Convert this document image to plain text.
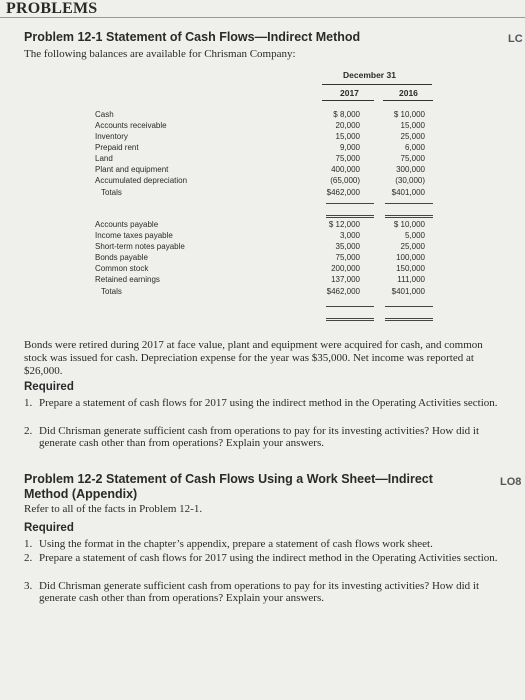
PROBLEMS
LC
Problem 12-1 Statement of Cash Flows—Indirect Method
The following balances are available for Chrisman Company:
December 31
2017	2016
Cash	$ 8,000	$ 10,000
Accounts receivable	20,000	15,000
Inventory	15,000	25,000
Prepaid rent	9,000	6,000
Land	75,000	75,000
Plant and equipment	400,000	300,000
Accumulated depreciation	(65,000)	(30,000)
Totals	$462,000	$401,000
Accounts payable	$ 12,000	$ 10,000
Income taxes payable	3,000	5,000
Short-term notes payable	35,000	25,000
Bonds payable	75,000	100,000
Common stock	200,000	150,000
Retained earnings	137,000	111,000
Totals	$462,000	$401,000
Bonds were retired during 2017 at face value, plant and equipment were acquired for cash, and common stock was issued for cash. Depreciation expense for the year was $35,000. Net income was reported at $26,000.
Required
1. Prepare a statement of cash flows for 2017 using the indirect method in the Operating Activities section.
2. Did Chrisman generate sufficient cash from operations to pay for its investing activities? How did it generate cash other than from operations? Explain your answers.
Problem 12-2 Statement of Cash Flows Using a Work Sheet—Indirect
Method (Appendix)
LO8
Refer to all of the facts in Problem 12-1.
Required
1. Using the format in the chapter’s appendix, prepare a statement of cash flows work sheet.
2. Prepare a statement of cash flows for 2017 using the indirect method in the Operating Activities section.
3. Did Chrisman generate sufficient cash from operations to pay for its investing activities? How did it generate cash other than from operations? Explain your answers.
